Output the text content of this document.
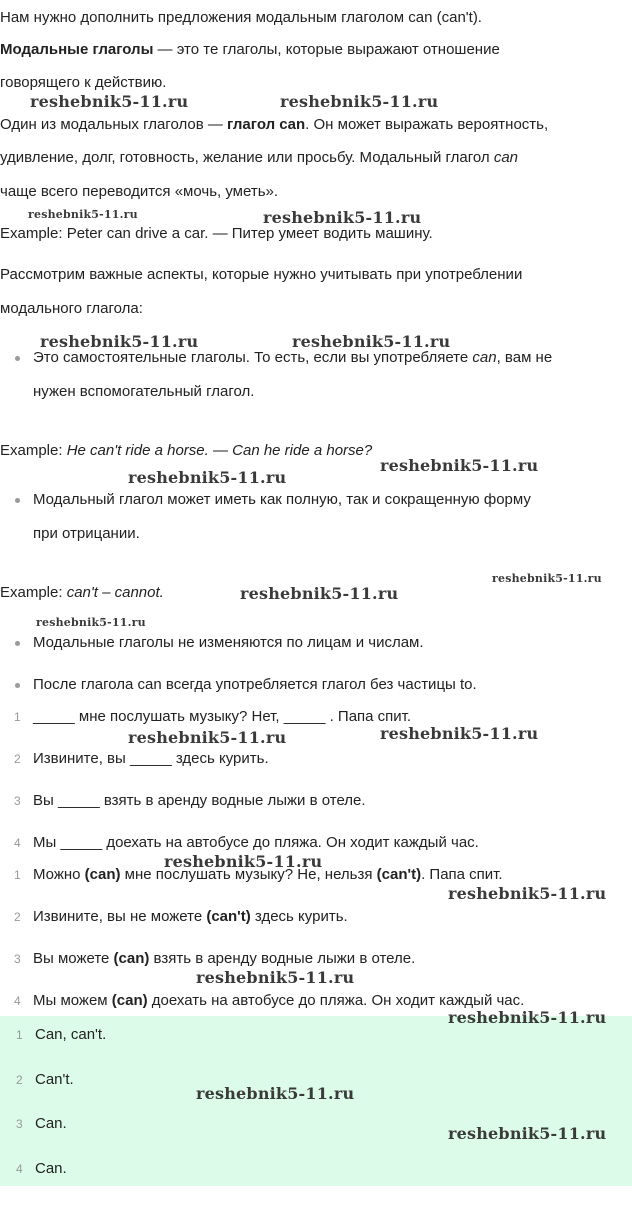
Нам нужно дополнить предложения модальным глаголом can (can't).
Модальные глаголы — это те глаголы, которые выражают отношение
говорящего к действию.
Один из модальных глаголов — глагол can. Он может выражать вероятность,
удивление, долг, готовность, желание или просьбу. Модальный глагол can
чаще всего переводится «мочь, уметь».
Example: Peter can drive a car. — Питер умеет водить машину.
Рассмотрим важные аспекты, которые нужно учитывать при употреблении
модального глагола:
Это самостоятельные глаголы. То есть, если вы употребляете can, вам не
нужен вспомогательный глагол.
Example: He can't ride a horse. — Can he ride a horse?
Модальный глагол может иметь как полную, так и сокращенную форму
при отрицании.
Example: can't – cannot.
Модальные глаголы не изменяются по лицам и числам.
После глагола can всегда употребляется глагол без частицы to.
1 _____ мне послушать музыку? Нет, _____ . Папа спит.
2 Извините, вы _____ здесь курить.
3 Вы _____ взять в аренду водные лыжи в отеле.
4 Мы _____ доехать на автобусе до пляжа. Он ходит каждый час.
1 Можно (can) мне послушать музыку? Не, нельзя (can't). Папа спит.
2 Извините, вы не можете (can't) здесь курить.
3 Вы можете (can) взять в аренду водные лыжи в отеле.
4 Мы можем (can) доехать на автобусе до пляжа. Он ходит каждый час.
1 Can, can't.
2 Can't.
3 Can.
4 Can.
reshebnik5-11.ru	reshebnik5-11.ru
reshebnik5-11.ru	reshebnik5-11.ru
reshebnik5-11.ru	reshebnik5-11.ru
reshebnik5-11.ru
reshebnik5-11.ru
reshebnik5-11.ru
reshebnik5-11.ru
reshebnik5-11.ru
reshebnik5-11.ru
reshebnik5-11.ru
reshebnik5-11.ru
reshebnik5-11.ru
reshebnik5-11.ru
reshebnik5-11.ru
reshebnik5-11.ru
reshebnik5-11.ru
